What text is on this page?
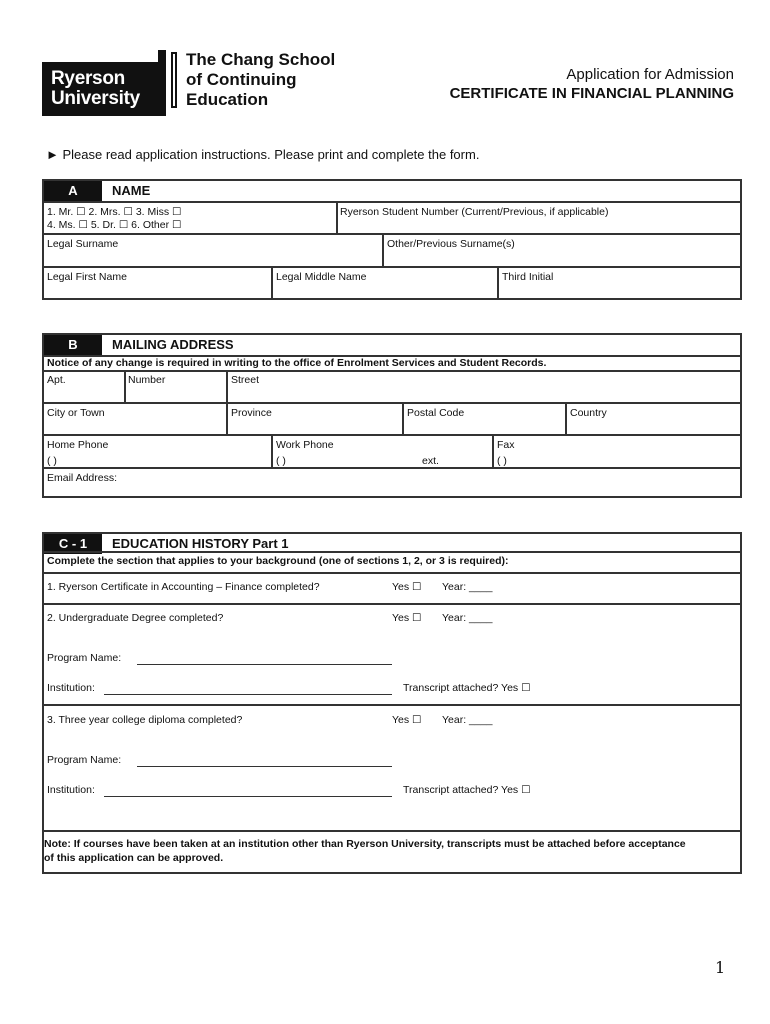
Ryerson
University
The Chang School
of Continuing
Education
Application for Admission
CERTIFICATE IN FINANCIAL PLANNING
► Please read application instructions. Please print and complete the form.
A	NAME
1. Mr. ☐ 2. Mrs. ☐ 3. Miss ☐
4. Ms. ☐ 5. Dr. ☐ 6. Other ☐
Ryerson Student Number (Current/Previous, if applicable)
Legal Surname	Other/Previous Surname(s)
Legal First Name	Legal Middle Name	Third Initial
B	MAILING ADDRESS
Notice of any change is required in writing to the office of Enrolment Services and Student Records.
Apt.	Number	Street
City or Town	Province	Postal Code	Country
Home Phone
( )
Work Phone
( )	ext.
Fax
( )
Email Address:
C - 1	EDUCATION HISTORY Part 1
Complete the section that applies to your background (one of sections 1, 2, or 3 is required):
1. Ryerson Certificate in Accounting – Finance completed?	Yes ☐ Year: ____
2. Undergraduate Degree completed?	Yes ☐ Year: ____
Program Name:
Institution:	Transcript attached? Yes ☐
3. Three year college diploma completed?	Yes ☐ Year: ____
Program Name:
Institution:	Transcript attached? Yes ☐
Note: If courses have been taken at an institution other than Ryerson University, transcripts must be attached before acceptance
of this application can be approved.
1
